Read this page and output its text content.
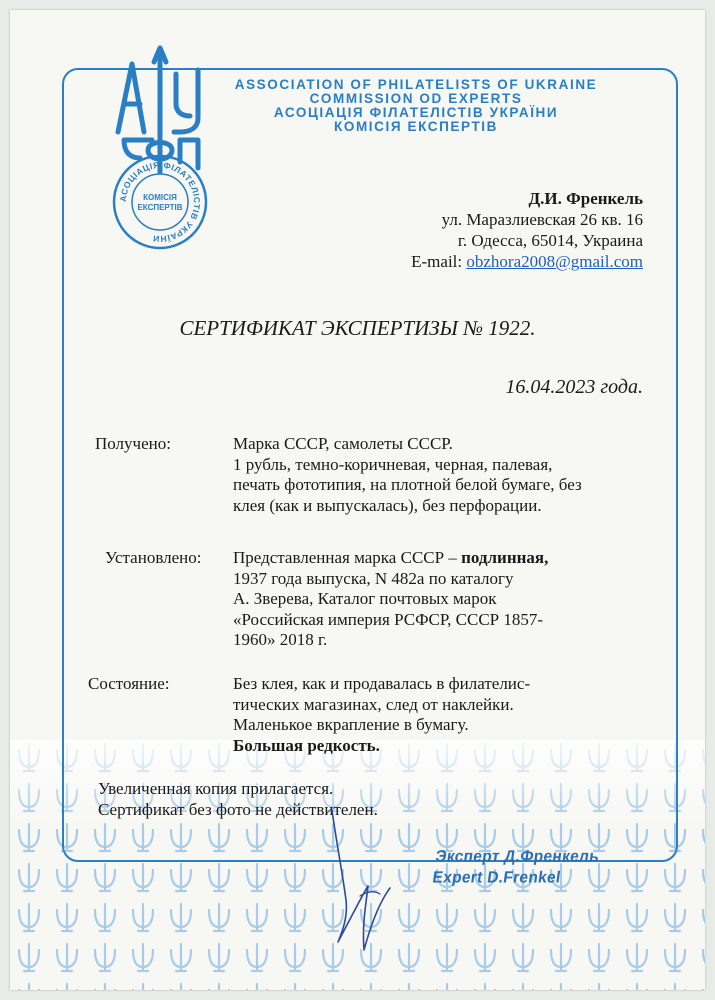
АСОЦІАЦІЯ ФІЛАТЕЛІСТІВ УКРАЇНИ
КОМІСІЯ
ЕКСПЕРТІВ
ASSOCIATION OF PHILATELISTS OF UKRAINE
COMMISSION OD EXPERTS
АСОЦІАЦІЯ ФІЛАТЕЛІСТІВ УКРАЇНИ
КОМІСІЯ ЕКСПЕРТІВ
Д.И. Френкель
ул. Маразлиевская 26 кв. 16
г. Одесса, 65014, Украина
E-mail: obzhora2008@gmail.com
СЕРТИФИКАТ ЭКСПЕРТИЗЫ № 1922.
16.04.2023 года.
Получено:	Марка СССР, самолеты СССР.
1 рубль, темно-коричневая, черная, палевая,
печать фототипия, на плотной белой бумаге, без
клея (как и выпускалась), без перфорации.
Установлено:	Представленная марка СССР – подлинная,
1937 года выпуска, N 482а по каталогу
А. Зверева, Каталог почтовых марок
«Российская империя РСФСР, СССР 1857-
1960» 2018 г.
Состояние:	Без клея, как и продавалась в филателис-
тических магазинах, след от наклейки.
Маленькое вкрапление в бумагу.
Большая редкость.
Увеличенная копия прилагается.
Сертификат без фото не действителен.
Эксперт Д.Френкель
Expert D.Frenkel
